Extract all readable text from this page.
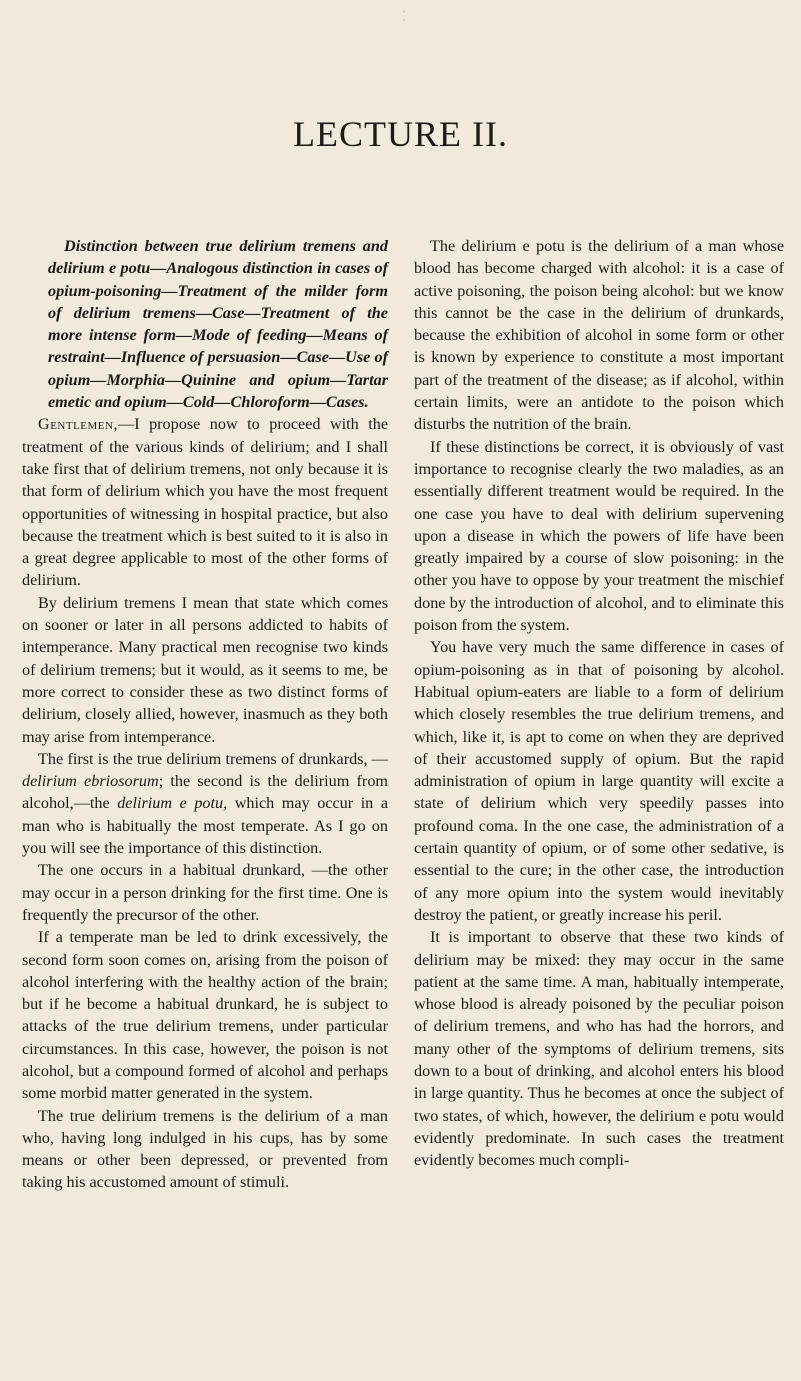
⁚
LECTURE II.

Distinction between true delirium tremens and delirium e potu—Analogous distinction in cases of opium-poisoning—Treatment of the milder form of delirium tremens—Case—Treatment of the more intense form—Mode of feeding—Means of restraint—Influence of persuasion—Case—Use of opium—Morphia—Quinine and opium—Tartar emetic and opium—Cold—Chloroform—Cases.

Gentlemen,—I propose now to proceed with the treatment of the various kinds of delirium; and I shall take first that of delirium tremens, not only because it is that form of delirium which you have the most frequent opportunities of witnessing in hospital practice, but also because the treatment which is best suited to it is also in a great degree applicable to most of the other forms of delirium.

By delirium tremens I mean that state which comes on sooner or later in all persons addicted to habits of intemperance. Many practical men recognise two kinds of delirium tremens; but it would, as it seems to me, be more correct to consider these as two distinct forms of delirium, closely allied, however, inasmuch as they both may arise from intemperance.

The first is the true delirium tremens of drunkards, — delirium ebriosorum; the second is the delirium from alcohol,—the delirium e potu, which may occur in a man who is habitually the most temperate. As I go on you will see the importance of this distinction.

The one occurs in a habitual drunkard, —the other may occur in a person drinking for the first time. One is frequently the precursor of the other.

If a temperate man be led to drink excessively, the second form soon comes on, arising from the poison of alcohol interfering with the healthy action of the brain; but if he become a habitual drunkard, he is subject to attacks of the true delirium tremens, under particular circumstances. In this case, however, the poison is not alcohol, but a compound formed of alcohol and perhaps some morbid matter generated in the system.

The true delirium tremens is the delirium of a man who, having long indulged in his cups, has by some means or other been depressed, or prevented from taking his accustomed amount of stimuli.

The delirium e potu is the delirium of a man whose blood has become charged with alcohol: it is a case of active poisoning, the poison being alcohol: but we know this cannot be the case in the delirium of drunkards, because the exhibition of alcohol in some form or other is known by experience to constitute a most important part of the treatment of the disease; as if alcohol, within certain limits, were an antidote to the poison which disturbs the nutrition of the brain.

If these distinctions be correct, it is obviously of vast importance to recognise clearly the two maladies, as an essentially different treatment would be required. In the one case you have to deal with delirium supervening upon a disease in which the powers of life have been greatly impaired by a course of slow poisoning: in the other you have to oppose by your treatment the mischief done by the introduction of alcohol, and to eliminate this poison from the system.

You have very much the same difference in cases of opium-poisoning as in that of poisoning by alcohol. Habitual opium-eaters are liable to a form of delirium which closely resembles the true delirium tremens, and which, like it, is apt to come on when they are deprived of their accustomed supply of opium. But the rapid administration of opium in large quantity will excite a state of delirium which very speedily passes into profound coma. In the one case, the administration of a certain quantity of opium, or of some other sedative, is essential to the cure; in the other case, the introduction of any more opium into the system would inevitably destroy the patient, or greatly increase his peril.

It is important to observe that these two kinds of delirium may be mixed: they may occur in the same patient at the same time. A man, habitually intemperate, whose blood is already poisoned by the peculiar poison of delirium tremens, and who has had the horrors, and many other of the symptoms of delirium tremens, sits down to a bout of drinking, and alcohol enters his blood in large quantity. Thus he becomes at once the subject of two states, of which, however, the delirium e potu would evidently predominate. In such cases the treatment evidently becomes much compli-
